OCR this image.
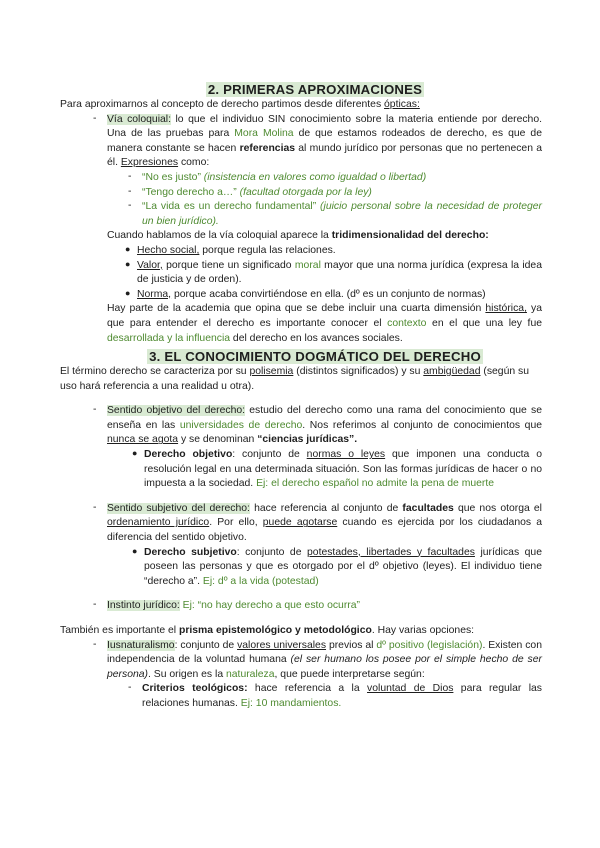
2. PRIMERAS APROXIMACIONES

Para aproximarnos al concepto de derecho partimos desde diferentes ópticas:

- Vía coloquial: lo que el individuo SIN conocimiento sobre la materia entiende por derecho. Una de las pruebas para Mora Molina de que estamos rodeados de derecho, es que de manera constante se hacen referencias al mundo jurídico por personas que no pertenecen a él. Expresiones como:

- “No es justo” (insistencia en valores como igualdad o libertad)

- “Tengo derecho a…” (facultad otorgada por la ley)

- “La vida es un derecho fundamental” (juicio personal sobre la necesidad de proteger un bien jurídico).

Cuando hablamos de la vía coloquial aparece la tridimensionalidad del derecho:

● Hecho social, porque regula las relaciones.

● Valor, porque tiene un significado moral mayor que una norma jurídica (expresa la idea de justicia y de orden).

● Norma, porque acaba convirtiéndose en ella. (dº es un conjunto de normas)

Hay parte de la academia que opina que se debe incluir una cuarta dimensión histórica, ya que para entender el derecho es importante conocer el contexto en el que una ley fue desarrollada y la influencia del derecho en los avances sociales.

3. EL CONOCIMIENTO DOGMÁTICO DEL DERECHO

El término derecho se caracteriza por su polisemia (distintos significados) y su ambigüedad (según su uso hará referencia a una realidad u otra).

- Sentido objetivo del derecho: estudio del derecho como una rama del conocimiento que se enseña en las universidades de derecho. Nos referimos al conjunto de conocimientos que nunca se agota y se denominan “ciencias jurídicas”.

● Derecho objetivo: conjunto de normas o leyes que imponen una conducta o resolución legal en una determinada situación. Son las formas jurídicas de hacer o no impuesta a la sociedad. Ej: el derecho español no admite la pena de muerte

- Sentido subjetivo del derecho: hace referencia al conjunto de facultades que nos otorga el ordenamiento jurídico. Por ello, puede agotarse cuando es ejercida por los ciudadanos a diferencia del sentido objetivo.

● Derecho subjetivo: conjunto de potestades, libertades y facultades jurídicas que poseen las personas y que es otorgado por el dº objetivo (leyes). El individuo tiene “derecho a”. Ej: dº a la vida (potestad)

- Instinto jurídico: Ej: “no hay derecho a que esto ocurra”

También es importante el prisma epistemológico y metodológico. Hay varias opciones:

- Iusnaturalismo: conjunto de valores universales previos al dº positivo (legislación). Existen con independencia de la voluntad humana (el ser humano los posee por el simple hecho de ser persona). Su origen es la naturaleza, que puede interpretarse según:

- Criterios teológicos: hace referencia a la voluntad de Dios para regular las relaciones humanas. Ej: 10 mandamientos.
